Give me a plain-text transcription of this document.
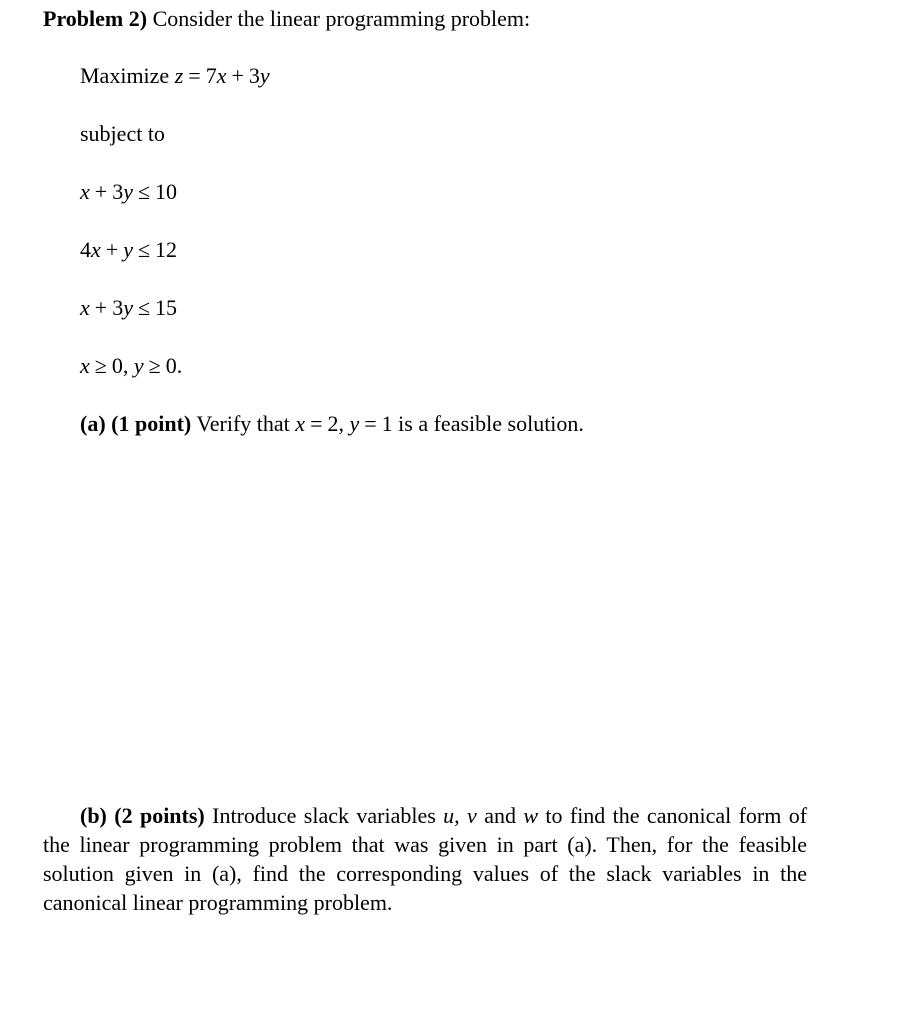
Problem 2) Consider the linear programming problem:
Maximize z = 7x + 3y
subject to
x + 3y ≤ 10
4x + y ≤ 12
x + 3y ≤ 15
x ≥ 0, y ≥ 0.
(a) (1 point) Verify that x = 2, y = 1 is a feasible solution.
(b) (2 points) Introduce slack variables u, v and w to find the canonical form of the linear programming problem that was given in part (a). Then, for the feasible solution given in (a), find the corresponding values of the slack variables in the canonical linear programming problem.
